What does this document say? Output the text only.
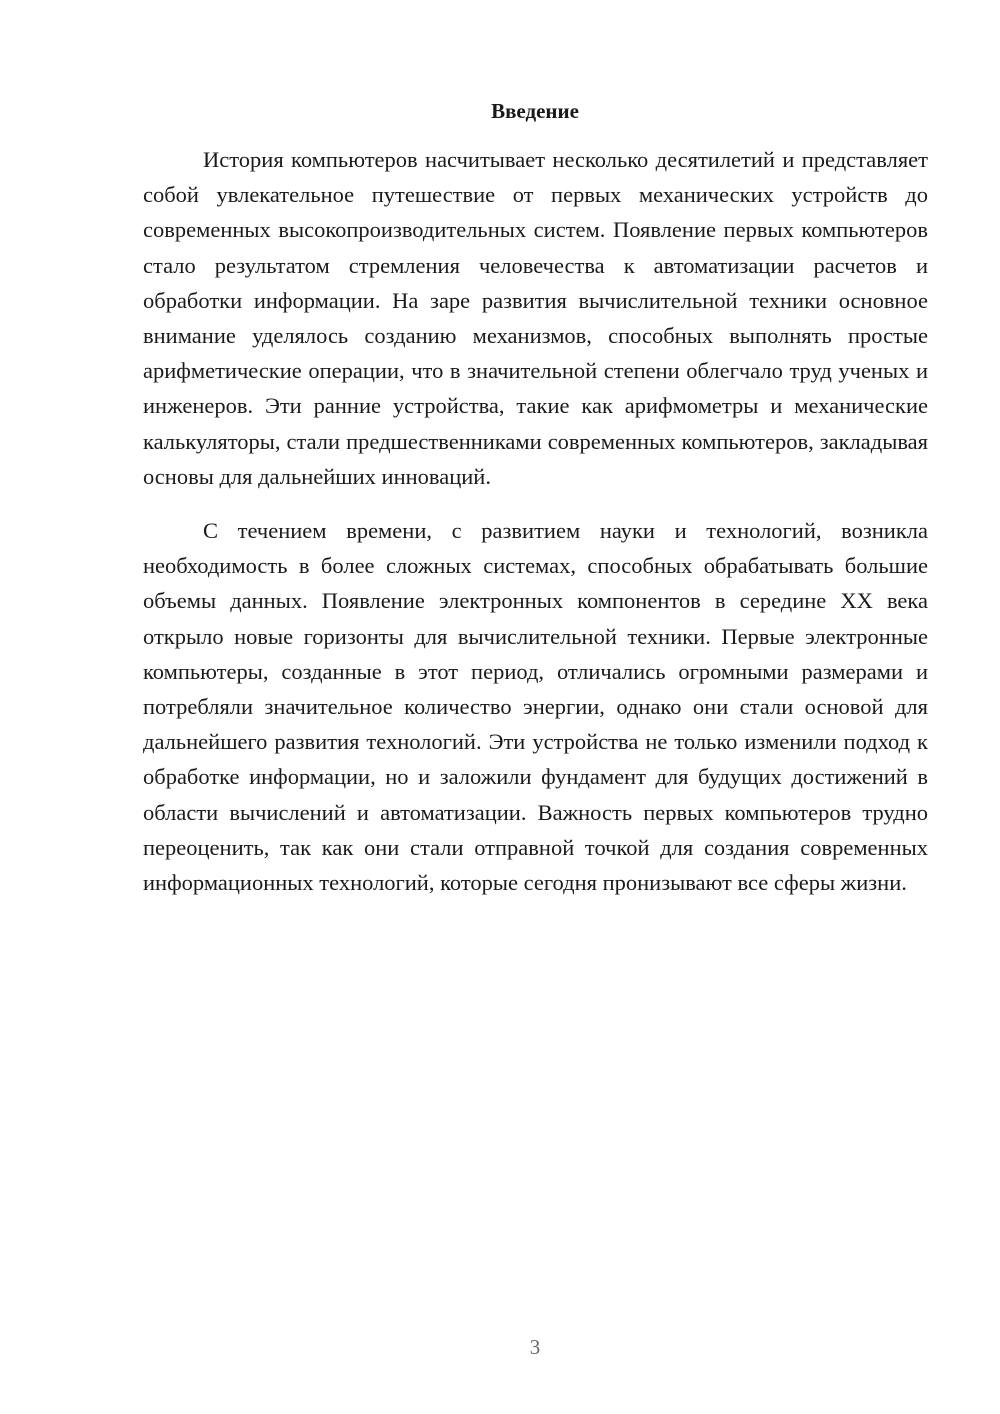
Введение

История компьютеров насчитывает несколько десятилетий и представляет собой увлекательное путешествие от первых механических устройств до современных высокопроизводительных систем. Появление первых компьютеров стало результатом стремления человечества к автоматизации расчетов и обработки информации. На заре развития вычислительной техники основное внимание уделялось созданию механизмов, способных выполнять простые арифметические операции, что в значительной степени облегчало труд ученых и инженеров. Эти ранние устройства, такие как арифмометры и механические калькуляторы, стали предшественниками современных компьютеров, закладывая основы для дальнейших инноваций.

С течением времени, с развитием науки и технологий, возникла необходимость в более сложных системах, способных обрабатывать большие объемы данных. Появление электронных компонентов в середине XX века открыло новые горизонты для вычислительной техники. Первые электронные компьютеры, созданные в этот период, отличались огромными размерами и потребляли значительное количество энергии, однако они стали основой для дальнейшего развития технологий. Эти устройства не только изменили подход к обработке информации, но и заложили фундамент для будущих достижений в области вычислений и автоматизации. Важность первых компьютеров трудно переоценить, так как они стали отправной точкой для создания современных информационных технологий, которые сегодня пронизывают все сферы жизни.

3
